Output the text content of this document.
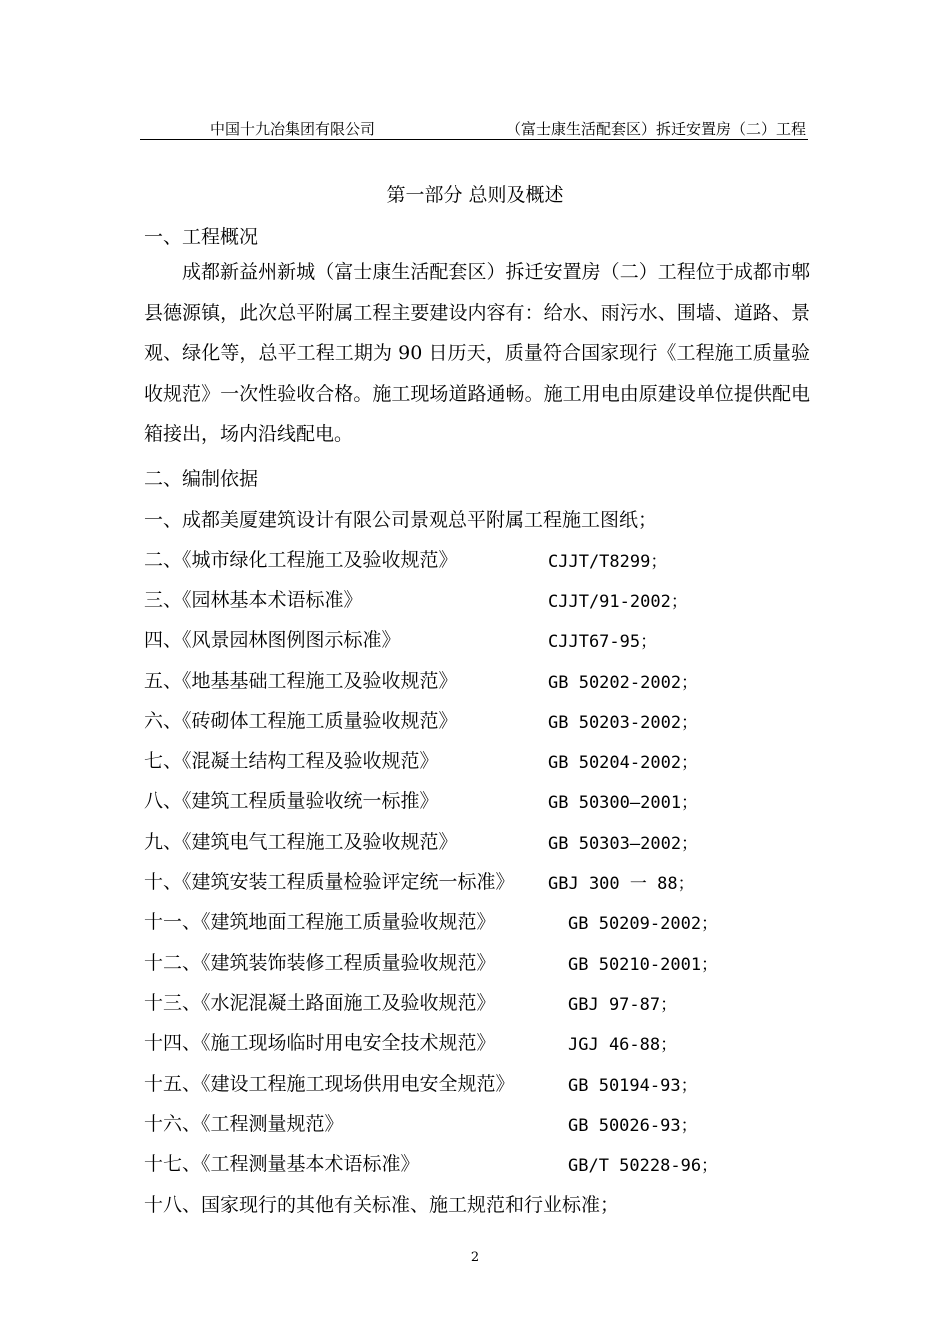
中国十九冶集团有限公司	（富士康生活配套区）拆迁安置房（二）工程
第一部分 总则及概述
一、工程概况
成都新益州新城（富士康生活配套区）拆迁安置房（二）工程位于成都市郫县德源镇，此次总平附属工程主要建设内容有：给水、雨污水、围墙、道路、景观、绿化等，总平工程工期为 90 日历天，质量符合国家现行《工程施工质量验收规范》一次性验收合格。施工现场道路通畅。施工用电由原建设单位提供配电箱接出，场内沿线配电。
二、编制依据
一、成都美厦建筑设计有限公司景观总平附属工程施工图纸；
二、《城市绿化工程施工及验收规范》	CJJT/T8299；
三、《园林基本术语标准》	CJJT/91-2002；
四、《风景园林图例图示标准》	CJJT67-95；
五、《地基基础工程施工及验收规范》	GB 50202-2002；
六、《砖砌体工程施工质量验收规范》	GB 50203-2002；
七、《混凝土结构工程及验收规范》	GB 50204-2002；
八、《建筑工程质量验收统一标推》	GB 50300—2001；
九、《建筑电气工程施工及验收规范》	GB 50303—2002；
十、《建筑安装工程质量检验评定统一标准》 GBJ 300 一 88；
十一、《建筑地面工程施工质量验收规范》	GB 50209-2002；
十二、《建筑装饰装修工程质量验收规范》	GB 50210-2001；
十三、《水泥混凝土路面施工及验收规范》	GBJ 97-87；
十四、《施工现场临时用电安全技术规范》	JGJ 46-88；
十五、《建设工程施工现场供用电安全规范》	GB 50194-93；
十六、《工程测量规范》	GB 50026-93；
十七、《工程测量基本术语标准》	GB/T 50228-96；
十八、国家现行的其他有关标准、施工规范和行业标准；
2
